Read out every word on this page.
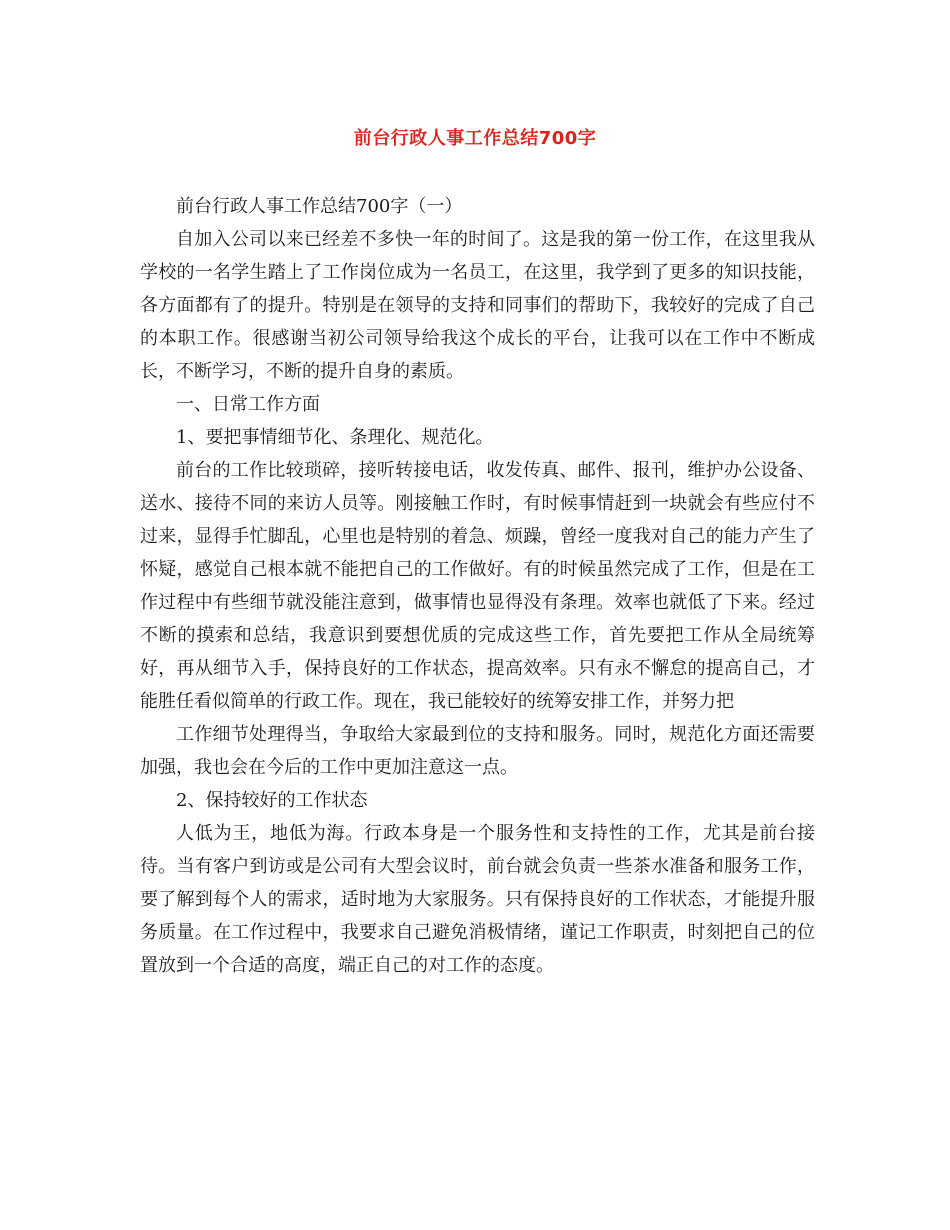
前台行政人事工作总结700字

前台行政人事工作总结700字（一）

自加入公司以来已经差不多快一年的时间了。这是我的第一份工作，在这里我从学校的一名学生踏上了工作岗位成为一名员工，在这里，我学到了更多的知识技能，各方面都有了的提升。特别是在领导的支持和同事们的帮助下，我较好的完成了自己的本职工作。很感谢当初公司领导给我这个成长的平台，让我可以在工作中不断成长，不断学习，不断的提升自身的素质。

一、日常工作方面

1、要把事情细节化、条理化、规范化。

前台的工作比较琐碎，接听转接电话，收发传真、邮件、报刊，维护办公设备、送水、接待不同的来访人员等。刚接触工作时，有时候事情赶到一块就会有些应付不过来，显得手忙脚乱，心里也是特别的着急、烦躁，曾经一度我对自己的能力产生了怀疑，感觉自己根本就不能把自己的工作做好。有的时候虽然完成了工作，但是在工作过程中有些细节就没能注意到，做事情也显得没有条理。效率也就低了下来。经过不断的摸索和总结，我意识到要想优质的完成这些工作，首先要把工作从全局统筹好，再从细节入手，保持良好的工作状态，提高效率。只有永不懈怠的提高自己，才能胜任看似简单的行政工作。现在，我已能较好的统筹安排工作，并努力把

工作细节处理得当，争取给大家最到位的支持和服务。同时，规范化方面还需要加强，我也会在今后的工作中更加注意这一点。

2、保持较好的工作状态

人低为王，地低为海。行政本身是一个服务性和支持性的工作，尤其是前台接待。当有客户到访或是公司有大型会议时，前台就会负责一些茶水准备和服务工作，要了解到每个人的需求，适时地为大家服务。只有保持良好的工作状态，才能提升服务质量。在工作过程中，我要求自己避免消极情绪，谨记工作职责，时刻把自己的位置放到一个合适的高度，端正自己的对工作的态度。
